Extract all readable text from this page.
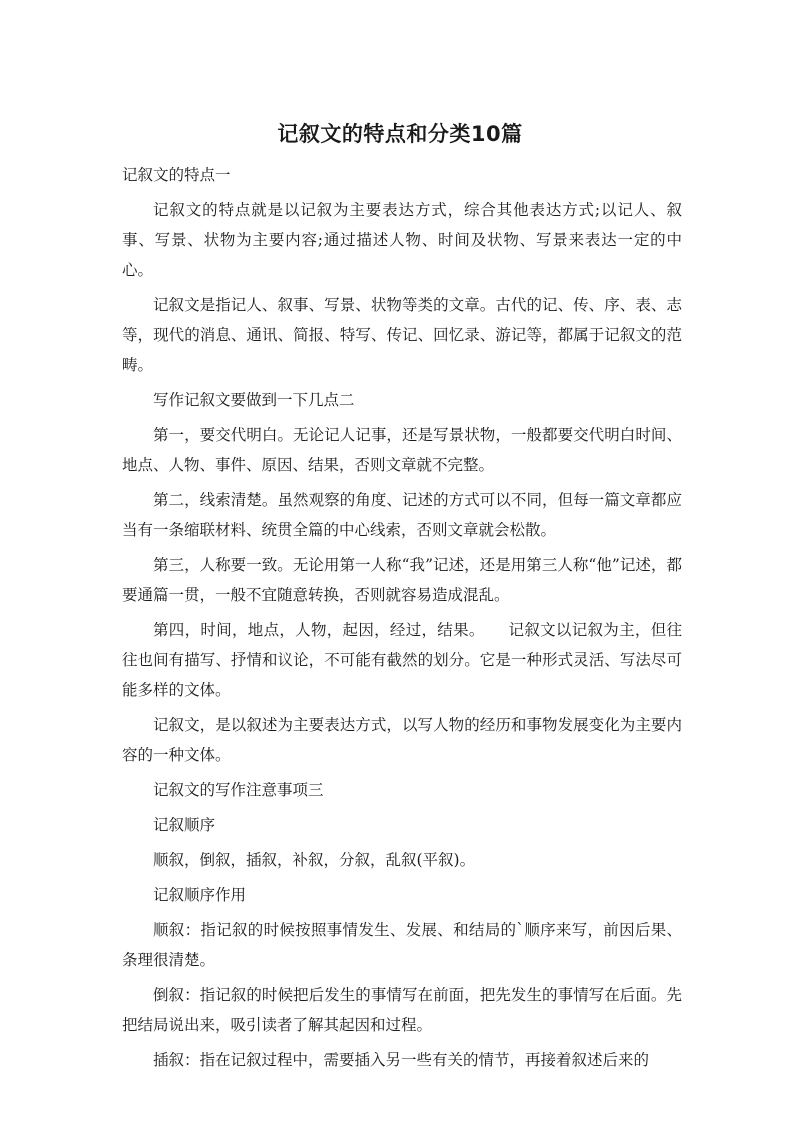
记叙文的特点和分类10篇

记叙文的特点一

记叙文的特点就是以记叙为主要表达方式，综合其他表达方式;以记人、叙事、写景、状物为主要内容;通过描述人物、时间及状物、写景来表达一定的中心。

记叙文是指记人、叙事、写景、状物等类的文章。古代的记、传、序、表、志等，现代的消息、通讯、简报、特写、传记、回忆录、游记等，都属于记叙文的范畴。

写作记叙文要做到一下几点二

第一，要交代明白。无论记人记事，还是写景状物，一般都要交代明白时间、地点、人物、事件、原因、结果，否则文章就不完整。

第二，线索清楚。虽然观察的角度、记述的方式可以不同，但每一篇文章都应当有一条缩联材料、统贯全篇的中心线索，否则文章就会松散。

第三，人称要一致。无论用第一人称“我”记述，还是用第三人称“他”记述，都要通篇一贯，一般不宜随意转换，否则就容易造成混乱。

第四，时间，地点，人物，起因，经过，结果。　　记叙文以记叙为主，但往往也间有描写、抒情和议论，不可能有截然的划分。它是一种形式灵活、写法尽可能多样的文体。

记叙文，是以叙述为主要表达方式，以写人物的经历和事物发展变化为主要内容的一种文体。

记叙文的写作注意事项三

记叙顺序

顺叙，倒叙，插叙，补叙，分叙，乱叙(平叙)。

记叙顺序作用

顺叙：指记叙的时候按照事情发生、发展、和结局的`顺序来写，前因后果、条理很清楚。

倒叙：指记叙的时候把后发生的事情写在前面，把先发生的事情写在后面。先把结局说出来，吸引读者了解其起因和过程。

插叙：指在记叙过程中，需要插入另一些有关的情节，再接着叙述后来的
